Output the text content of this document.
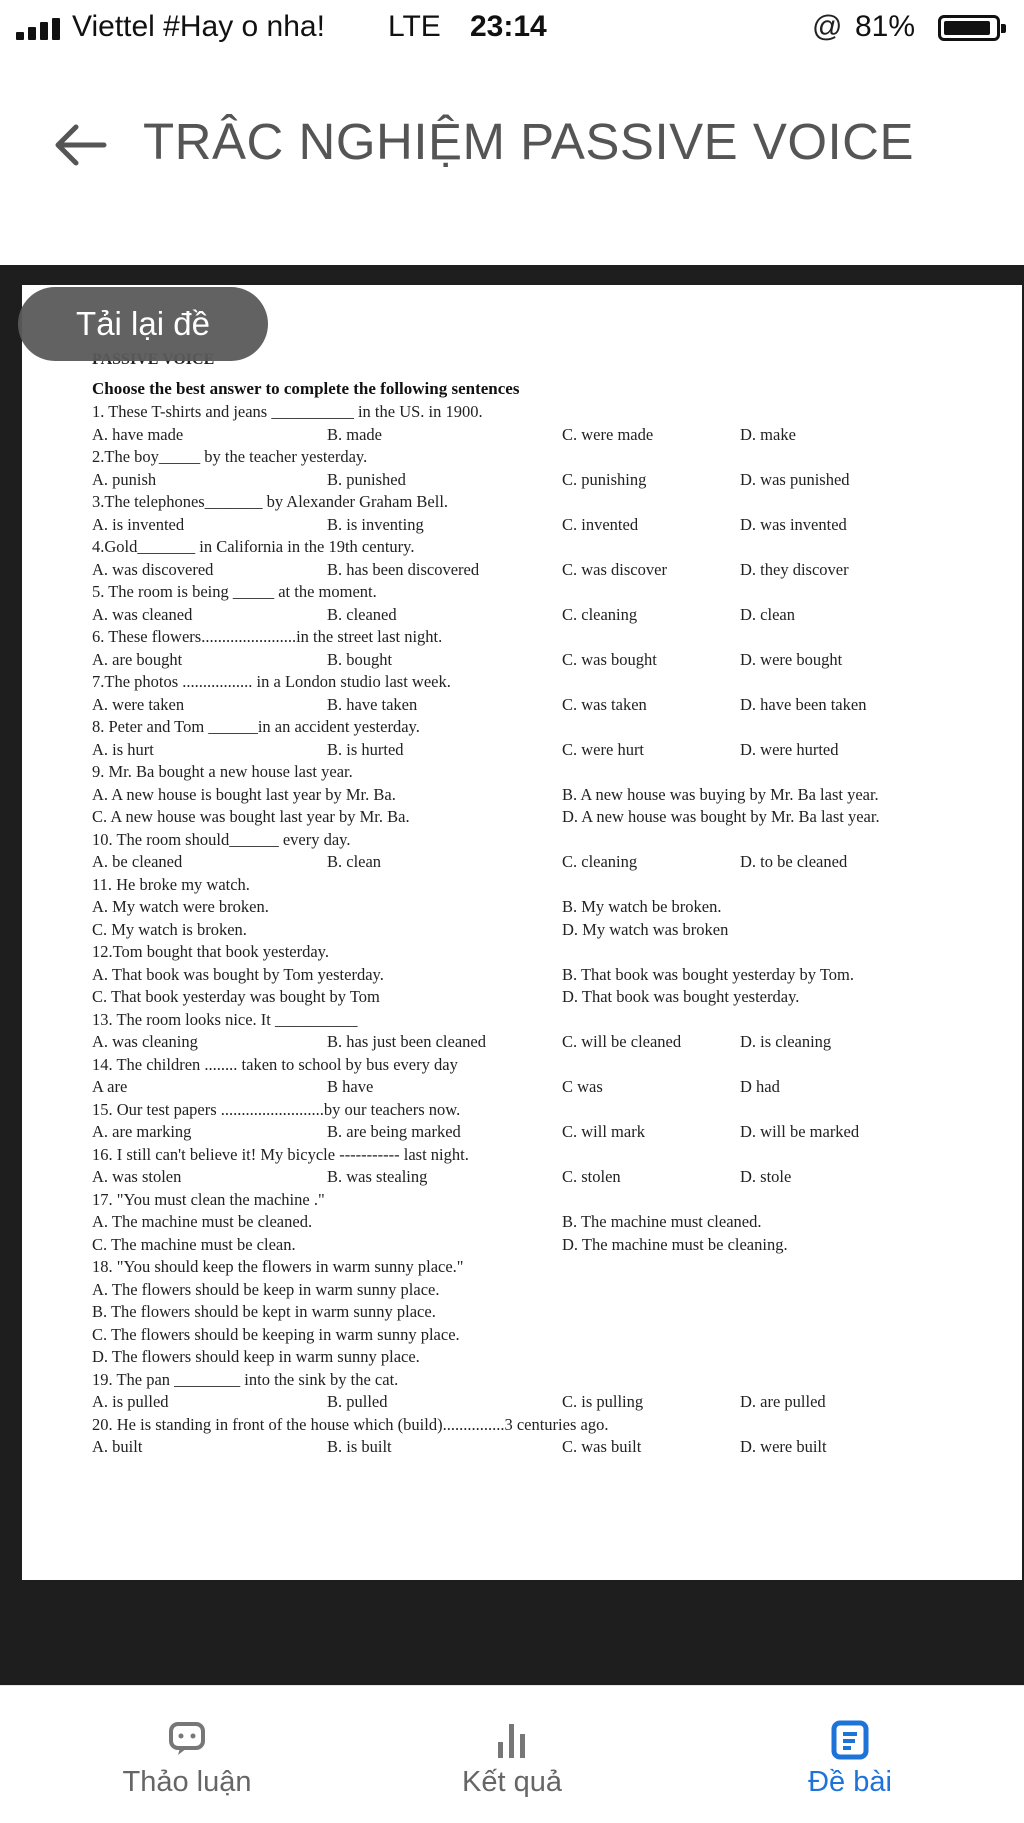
Viettel #Hay o nha! LTE 23:14	@ 81%
TRÂC NGHIỆM PASSIVE VOICE
Choose the best answer to complete the following sentences
1. These T-shirts and jeans __________ in the US. in 1900.
A. have made	B. made	C. were made	D. make
2.The boy_____ by the teacher yesterday.
A. punish	B. punished	C. punishing	D. was punished
3.The telephones_______ by Alexander Graham Bell.
A. is invented	B. is inventing	C. invented	D. was invented
4.Gold_______ in California in the 19th century.
A. was discovered	B. has been discovered	C. was discover	D. they discover
5. The room is being _____ at the moment.
A. was cleaned	B. cleaned	C. cleaning	D. clean
6. These flowers.......................in the street last night.
A. are bought	B. bought	C. was bought	D. were bought
7.The photos ................. in a London studio last week.
A. were taken	B. have taken	C. was taken	D. have been taken
8. Peter and Tom ______in an accident yesterday.
A. is hurt	B. is hurted	C. were hurt	D. were hurted
9. Mr. Ba bought a new house last year.
A. A new house is bought last year by Mr. Ba.	B. A new house was buying by Mr. Ba last year.
C. A new house was bought last year by Mr. Ba.	D. A new house was bought by Mr. Ba last year.
10. The room should______ every day.
A. be cleaned	B. clean	C. cleaning	D. to be cleaned
11. He broke my watch.
A. My watch were broken.	B. My watch be broken.
C. My watch is broken.	D. My watch was broken
12.Tom bought that book yesterday.
A. That book was bought by Tom yesterday.	B. That book was bought yesterday by Tom.
C. That book yesterday was bought by Tom	D. That book was bought yesterday.
13. The room looks nice. It __________
A. was cleaning	B. has just been cleaned	C. will be cleaned	D. is cleaning
14. The children ........ taken to school by bus every day
A are	B have	C was	D had
15. Our test papers .........................by our teachers now.
A. are marking	B. are being marked	C. will mark	D. will be marked
16. I still can't believe it! My bicycle ----------- last night.
A. was stolen	B. was stealing	C. stolen	D. stole
17. "You must clean the machine ."
A. The machine must be cleaned.	B. The machine must cleaned.
C. The machine must be clean.	D. The machine must be cleaning.
18. "You should keep the flowers in warm sunny place."
A. The flowers should be keep in warm sunny place.
B. The flowers should be kept in warm sunny place.
C. The flowers should be keeping in warm sunny place.
D. The flowers should keep in warm sunny place.
19. The pan ________ into the sink by the cat.
A. is pulled	B. pulled	C. is pulling	D. are pulled
20. He is standing in front of the house which (build)...............3 centuries ago.
A. built	B. is built	C. was built	D. were built
Tải lại đề
Thảo luận	Kết quả	Đề bài
